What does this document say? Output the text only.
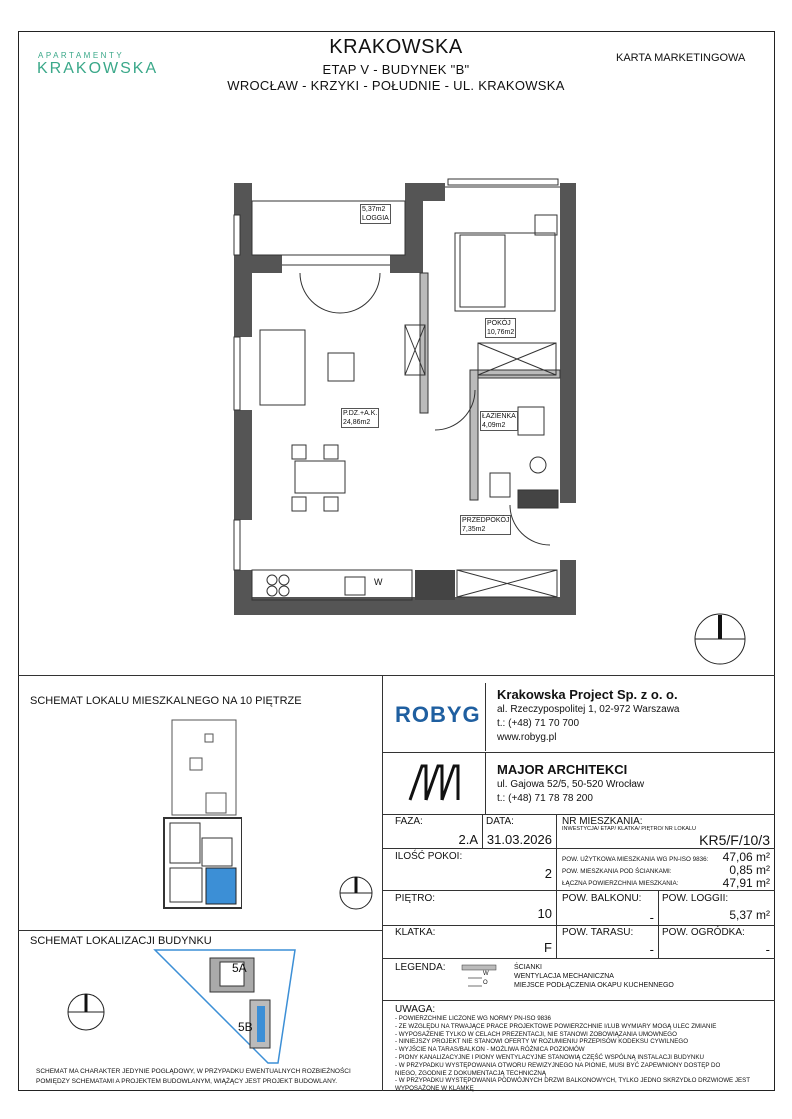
APARTAMENTY
KRAKOWSKA
KRAKOWSKA
ETAP V - BUDYNEK "B"
WROCŁAW - KRZYKI - POŁUDNIE - UL. KRAKOWSKA
KARTA MARKETINGOWA
5,37m2
LOGGIA
POKÓJ
10,76m2
P.DZ.+A.K.
24,86m2
ŁAZIENKA
4,09m2
PRZEDPOKÓJ
7,35m2
W
SCHEMAT LOKALU MIESZKALNEGO NA 10 PIĘTRZE
SCHEMAT LOKALIZACJI BUDYNKU
5A
5B
SCHEMAT MA CHARAKTER JEDYNIE POGLĄDOWY, W PRZYPADKU EWENTUALNYCH ROZBIEŻNOŚCI
POMIĘDZY SCHEMATAMI A PROJEKTEM BUDOWLANYM, WIĄŻĄCY JEST PROJEKT BUDOWLANY.
ROBYG
Krakowska Project Sp. z o. o.
al. Rzeczypospolitej 1, 02-972 Warszawa
t.: (+48) 71 70 700
www.robyg.pl
MAJOR ARCHITEKCI
ul. Gajowa 52/5, 50-520 Wrocław
t.: (+48) 71 78 78 200
FAZA:
2.A
DATA:
31.03.2026
NR MIESZKANIA:
INWESTYCJA/ ETAP/ KLATKA/ PIĘTRO/ NR LOKALU
KR5/F/10/3
ILOŚĆ POKOI:
2
POW. UŻYTKOWA MIESZKANIA WG PN-ISO 9836:	47,06 m²
POW. MIESZKANIA POD ŚCIANKAMI:	0,85 m²
ŁĄCZNA POWIERZCHNIA MIESZKANIA:	47,91 m²
PIĘTRO:
10
POW. BALKONU:
-
POW. LOGGII:
5,37 m²
KLATKA:
F
POW. TARASU:
-
POW. OGRÓDKA:
-
LEGENDA:
W
O
ŚCIANKI
WENTYLACJA MECHANICZNA
MIEJSCE PODŁĄCZENIA OKAPU KUCHENNEGO
UWAGA:
- POWIERZCHNIE LICZONE WG NORMY PN-ISO 9836
- ZE WZGLĘDU NA TRWAJĄCE PRACE PROJEKTOWE POWIERZCHNIE I/LUB WYMIARY MOGĄ ULEC ZMIANIE
- WYPOSAŻENIE TYLKO W CELACH PREZENTACJI, NIE STANOWI ZOBOWIĄZANIA UMOWNEGO
- NINIEJSZY PROJEKT NIE STANOWI OFERTY W ROZUMIENIU PRZEPISÓW KODEKSU CYWILNEGO
- WYJŚCIE NA TARAS/BALKON - MOŻLIWA RÓŻNICA POZIOMÓW
- PIONY KANALIZACYJNE I PIONY WENTYLACYJNE STANOWIĄ CZĘŚĆ WSPÓLNĄ INSTALACJI BUDYNKU
- W PRZYPADKU WYSTĘPOWANIA OTWORU REWIZYJNEGO NA PIONIE, MUSI BYĆ ZAPEWNIONY DOSTĘP DO
NIEGO, ZGODNIE Z DOKUMENTACJĄ TECHNICZNĄ
- W PRZYPADKU WYSTĘPOWANIA PODWÓJNYCH DRZWI BALKONOWYCH, TYLKO JEDNO SKRZYDŁO DRZWIOWE JEST
WYPOSAŻONE W KLAMKĘ
